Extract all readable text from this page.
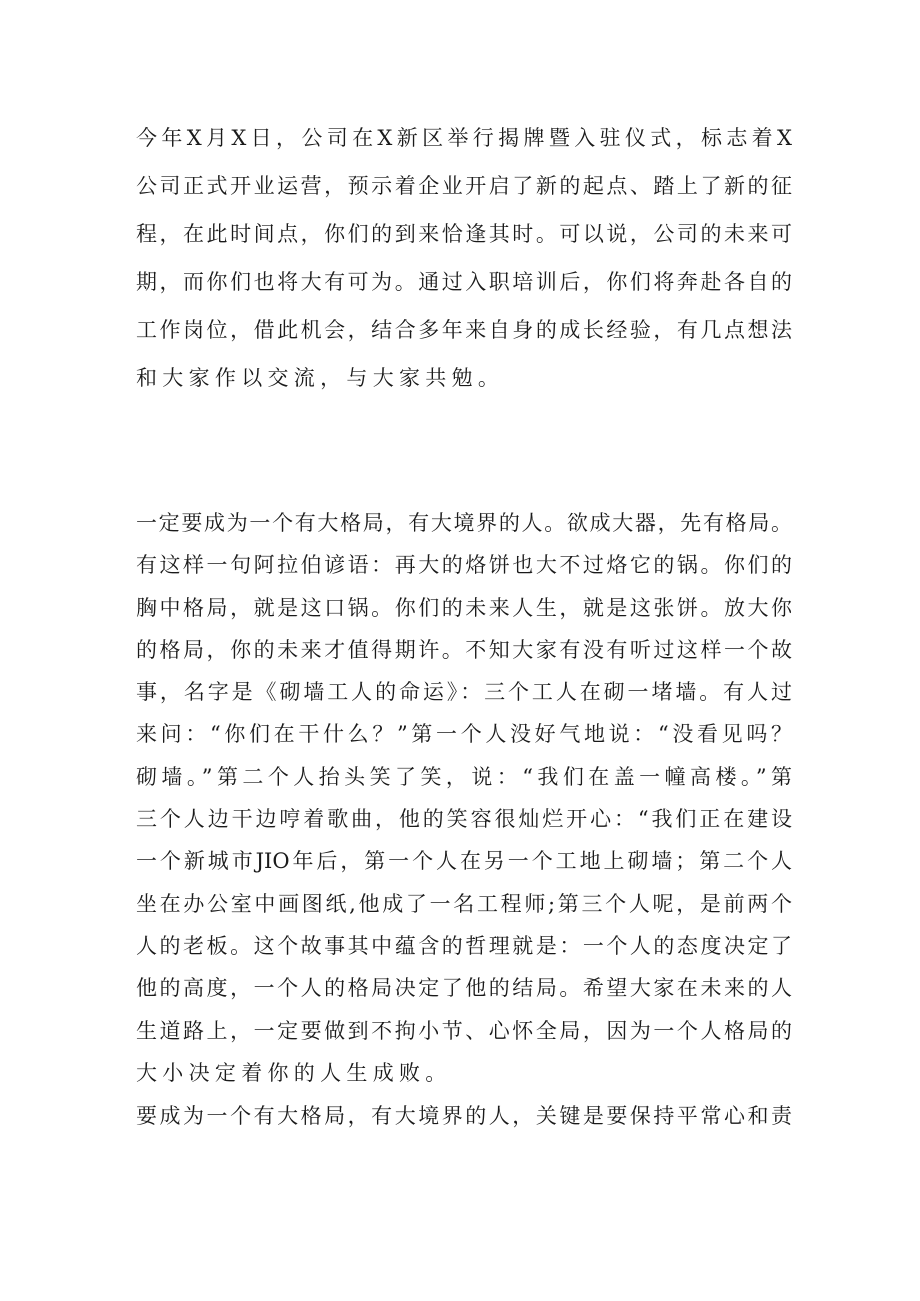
今年X月X日，公司在X新区举行揭牌暨入驻仪式，标志着X
公司正式开业运营，预示着企业开启了新的起点、踏上了新的征
程，在此时间点，你们的到来恰逢其时。可以说，公司的未来可
期，而你们也将大有可为。通过入职培训后，你们将奔赴各自的
工作岗位，借此机会，结合多年来自身的成长经验，有几点想法
和大家作以交流，与大家共勉。
一定要成为一个有大格局，有大境界的人。欲成大器，先有格局。
有这样一句阿拉伯谚语：再大的烙饼也大不过烙它的锅。你们的
胸中格局，就是这口锅。你们的未来人生，就是这张饼。放大你
的格局，你的未来才值得期许。不知大家有没有听过这样一个故
事，名字是《砌墙工人的命运》：三个工人在砌一堵墙。有人过
来问：“你们在干什么？”第一个人没好气地说：“没看见吗？
砌墙。”第二个人抬头笑了笑，说：“我们在盖一幢高楼。”第
三个人边干边哼着歌曲，他的笑容很灿烂开心：“我们正在建设
一个新城市JIO年后，第一个人在另一个工地上砌墙；第二个人
坐在办公室中画图纸,他成了一名工程师;第三个人呢，是前两个
人的老板。这个故事其中蕴含的哲理就是：一个人的态度决定了
他的高度，一个人的格局决定了他的结局。希望大家在未来的人
生道路上，一定要做到不拘小节、心怀全局，因为一个人格局的
大小决定着你的人生成败。
要成为一个有大格局，有大境界的人，关键是要保持平常心和责
